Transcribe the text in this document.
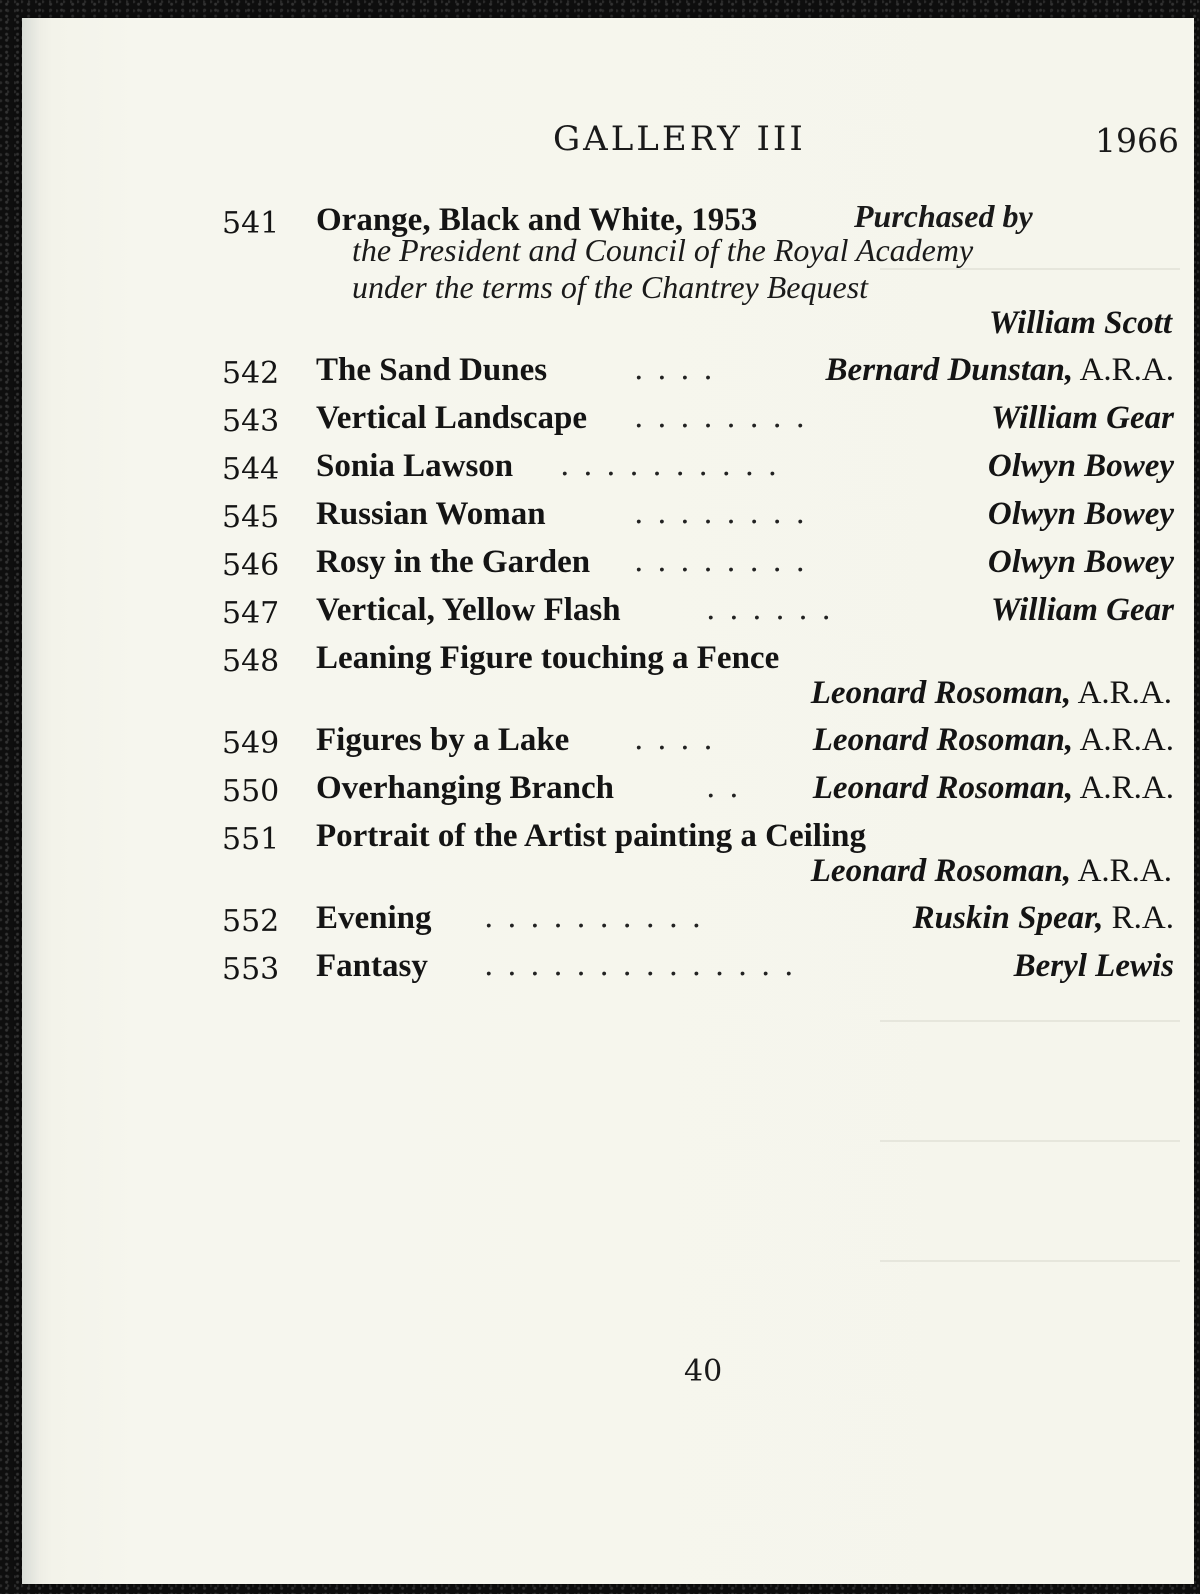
GALLERY III	1966
541 Orange, Black and White, 1953	Purchased by
the President and Council of the Royal Academy
under the terms of the Chantrey Bequest
William Scott
542 The Sand Dunes	. . . .	Bernard Dunstan, A.R.A.
543 Vertical Landscape . . . . . . . .	William Gear
544 Sonia Lawson . . . . . . . . . .	Olwyn Bowey
545 Russian Woman	. . . . . . . .	Olwyn Bowey
546 Rosy in the Garden . . . . . . . .	Olwyn Bowey
547 Vertical, Yellow Flash	. . . . . .	William Gear
548 Leaning Figure touching a Fence
Leonard Rosoman, A.R.A.
549 Figures by a Lake . . . .	Leonard Rosoman, A.R.A.
550 Overhanging Branch	. . Leonard Rosoman, A.R.A.
551 Portrait of the Artist painting a Ceiling
Leonard Rosoman, A.R.A.
552 Evening . . . . . . . . . .	Ruskin Spear, R.A.
553 Fantasy . . . . . . . . . . . . . .	Beryl Lewis
40
